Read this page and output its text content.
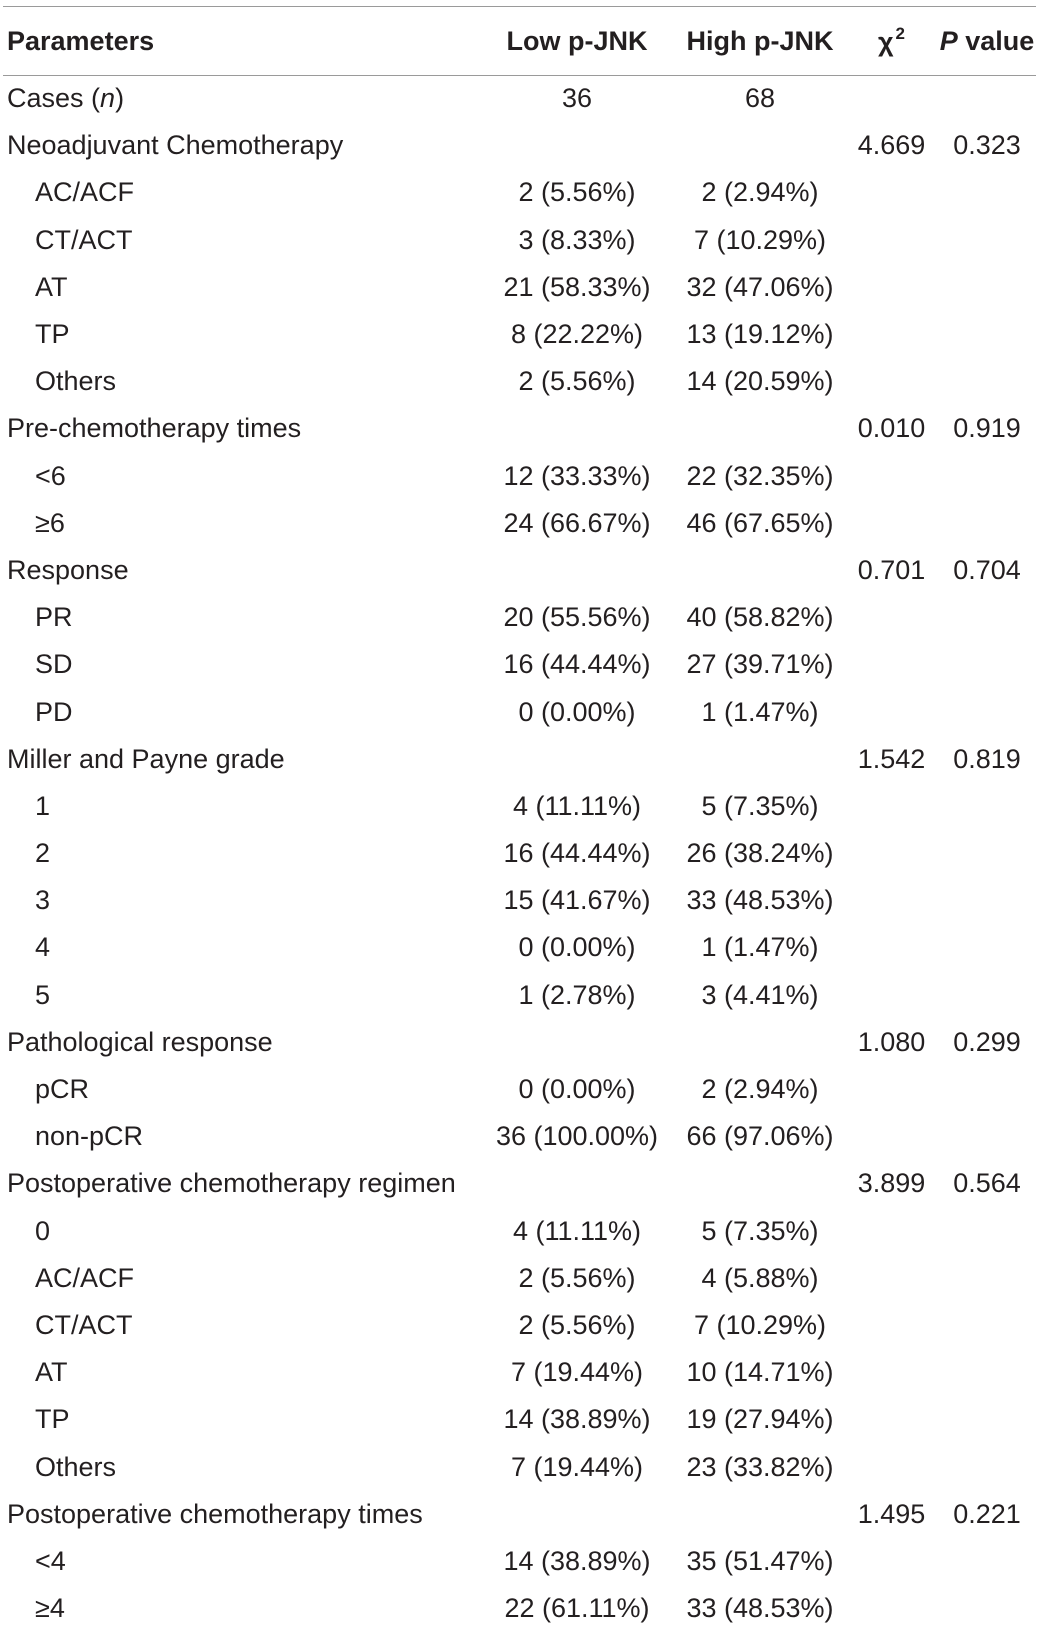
Parameters	Low p-JNK	High p-JNK	χ $^2$	P value
Cases (n)	36	68		
Neoadjuvant Chemotherapy			4.669	0.323
AC/ACF	2 (5.56%)	2 (2.94%)		
CT/ACT	3 (8.33%)	7 (10.29%)		
AT	21 (58.33%)	32 (47.06%)		
TP	8 (22.22%)	13 (19.12%)		
Others	2 (5.56%)	14 (20.59%)		
Pre-chemotherapy times			0.010	0.919
<6	12 (33.33%)	22 (32.35%)		
≥6	24 (66.67%)	46 (67.65%)		
Response			0.701	0.704
PR	20 (55.56%)	40 (58.82%)		
SD	16 (44.44%)	27 (39.71%)		
PD	0 (0.00%)	1 (1.47%)		
Miller and Payne grade			1.542	0.819
1	4 (11.11%)	5 (7.35%)		
2	16 (44.44%)	26 (38.24%)		
3	15 (41.67%)	33 (48.53%)		
4	0 (0.00%)	1 (1.47%)		
5	1 (2.78%)	3 (4.41%)		
Pathological response			1.080	0.299
pCR	0 (0.00%)	2 (2.94%)		
non-pCR	36 (100.00%)	66 (97.06%)		
Postoperative chemotherapy regimen			3.899	0.564
0	4 (11.11%)	5 (7.35%)		
AC/ACF	2 (5.56%)	4 (5.88%)		
CT/ACT	2 (5.56%)	7 (10.29%)		
AT	7 (19.44%)	10 (14.71%)		
TP	14 (38.89%)	19 (27.94%)		
Others	7 (19.44%)	23 (33.82%)		
Postoperative chemotherapy times			1.495	0.221
<4	14 (38.89%)	35 (51.47%)		
≥4	22 (61.11%)	33 (48.53%)		
